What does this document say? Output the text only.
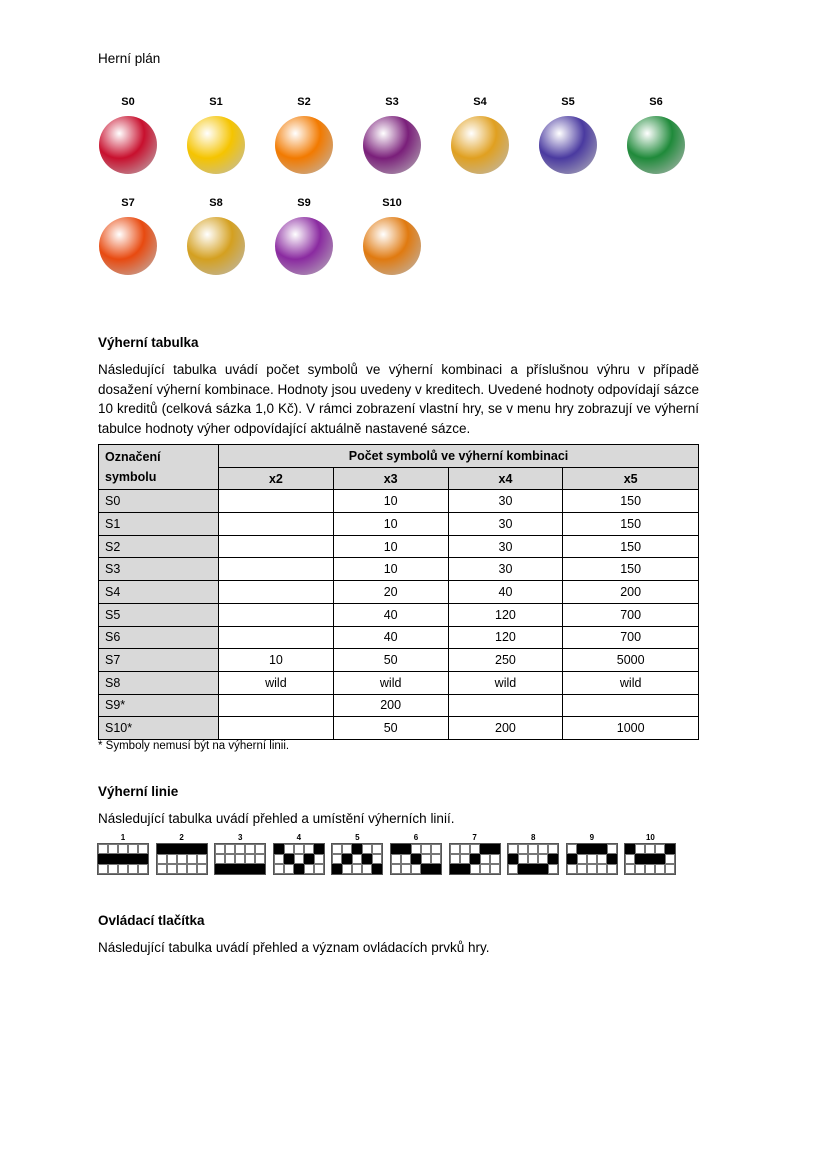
Herní plán
S0	S1	S2	S3	S4	S5	S6
S7	S8	S9	S10
Výherní tabulka
Následující tabulka uvádí počet symbolů ve výherní kombinaci a příslušnou výhru v případě dosažení výherní kombinace. Hodnoty jsou uvedeny v kreditech. Uvedené hodnoty odpovídají sázce 10 kreditů (celková sázka 1,0 Kč). V rámci zobrazení vlastní hry, se v menu hry zobrazují ve výherní tabulce hodnoty výher odpovídající aktuálně nastavené sázce.
Označení symbolu	Počet symbolů ve výherní kombinaci			
	x2	x3	x4	x5
S0		10	30	150
S1		10	30	150
S2		10	30	150
S3		10	30	150
S4		20	40	200
S5		40	120	700
S6		40	120	700
S7	10	50	250	5000
S8	wild	wild	wild	wild
S9*		200		
S10*		50	200	1000
* Symboly nemusí být na výherní linii.
Výherní linie
Následující tabulka uvádí přehled a umístění výherních linií.
1	2	3	4	5	6	7	8	9	10
Ovládací tlačítka
Následující tabulka uvádí přehled a význam ovládacích prvků hry.
